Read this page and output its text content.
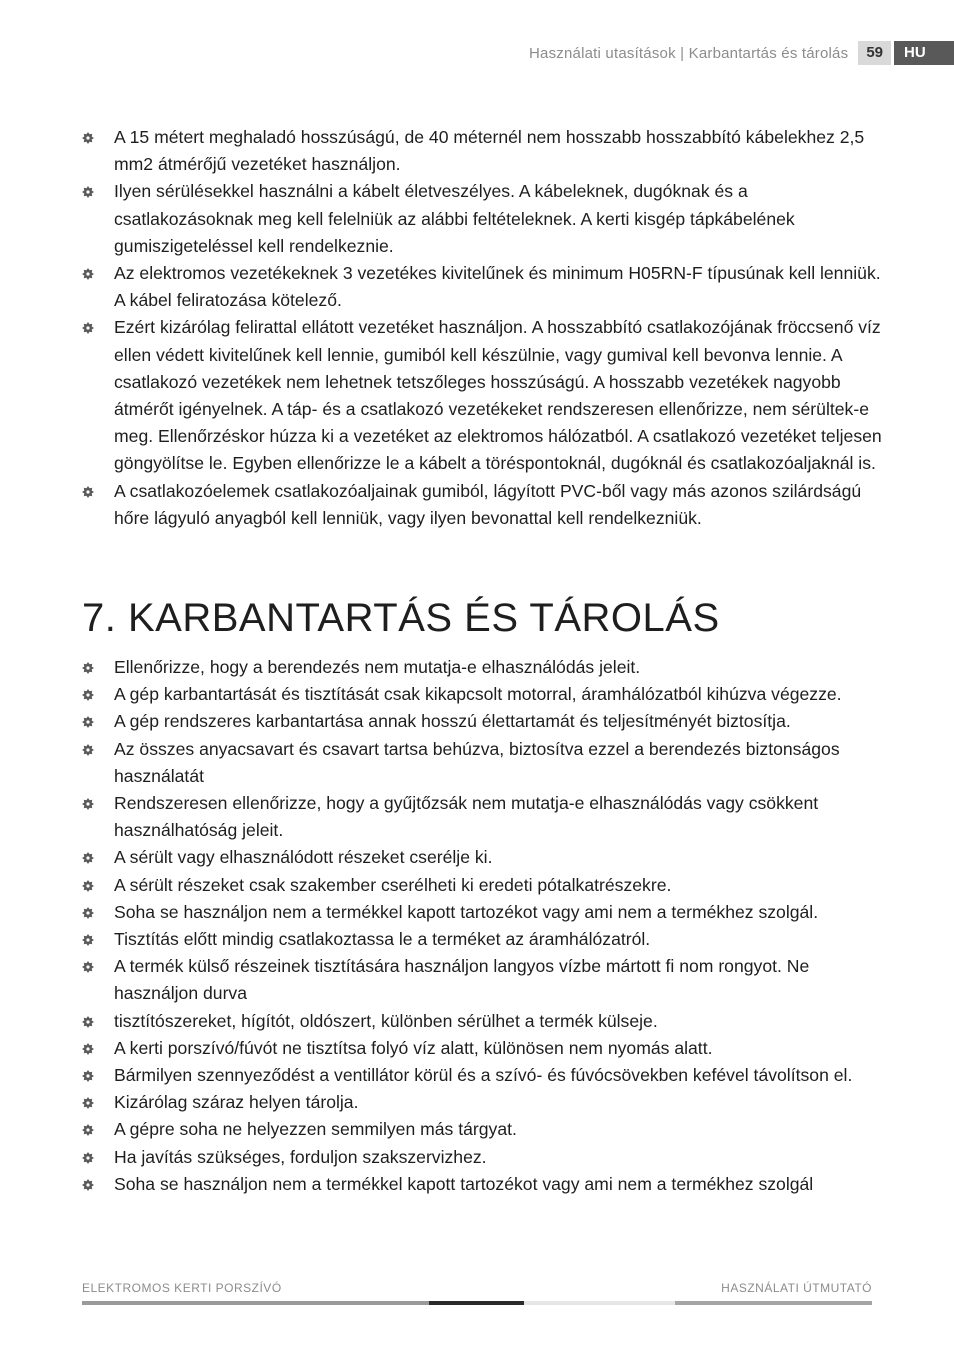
Használati utasítások | Karbantartás és tárolás	59	HU
A 15 métert meghaladó hosszúságú, de 40 méternél nem hosszabb hosszabbító kábelekhez 2,5 mm2 átmérőjű vezetéket használjon.
Ilyen sérülésekkel használni a kábelt életveszélyes. A kábeleknek, dugóknak és a csatlakozásoknak meg kell felelniük az alábbi feltételeknek. A kerti kisgép tápkábelének gumiszigeteléssel kell rendelkeznie.
Az elektromos vezetékeknek 3 vezetékes kivitelűnek és minimum H05RN-F típusúnak kell lenniük. A kábel feliratozása kötelező.
Ezért kizárólag felirattal ellátott vezetéket használjon. A hosszabbító csatlakozójának fröccsenő víz ellen védett kivitelűnek kell lennie, gumiból kell készülnie, vagy gumival kell bevonva lennie. A csatlakozó vezetékek nem lehetnek tetszőleges hosszúságú. A hosszabb vezetékek nagyobb átmérőt igényelnek. A táp- és a csatlakozó vezetékeket rendszeresen ellenőrizze, nem sérültek-e meg. Ellenőrzéskor húzza ki a vezetéket az elektromos hálózatból. A csatlakozó vezetéket teljesen göngyölítse le. Egyben ellenőrizze le a kábelt a töréspontoknál, dugóknál és csatlakozóaljaknál is.
A csatlakozóelemek csatlakozóaljainak gumiból, lágyított PVC-ből vagy más azonos szilárdságú hőre lágyuló anyagból kell lenniük, vagy ilyen bevonattal kell rendelkezniük.
7. KARBANTARTÁS ÉS TÁROLÁS
Ellenőrizze, hogy a berendezés nem mutatja-e elhasználódás jeleit.
A gép karbantartását és tisztítását csak kikapcsolt motorral, áramhálózatból kihúzva végezze.
A gép rendszeres karbantartása annak hosszú élettartamát és teljesítményét biztosítja.
Az összes anyacsavart és csavart tartsa behúzva, biztosítva ezzel a berendezés biztonságos használatát
Rendszeresen ellenőrizze, hogy a gyűjtőzsák nem mutatja-e elhasználódás vagy csökkent használhatóság jeleit.
A sérült vagy elhasználódott részeket cserélje ki.
A sérült részeket csak szakember cserélheti ki eredeti pótalkatrészekre.
Soha se használjon nem a termékkel kapott tartozékot vagy ami nem a termékhez szolgál.
Tisztítás előtt mindig csatlakoztassa le a terméket az áramhálózatról.
A termék külső részeinek tisztítására használjon langyos vízbe mártott fi nom rongyot. Ne használjon durva
tisztítószereket, hígítót, oldószert, különben sérülhet a termék külseje.
A kerti porszívó/fúvót ne tisztítsa folyó víz alatt, különösen nem nyomás alatt.
Bármilyen szennyeződést a ventillátor körül és a szívó- és fúvócsövekben kefével távolítson el.
Kizárólag száraz helyen tárolja.
A gépre soha ne helyezzen semmilyen más tárgyat.
Ha javítás szükséges, forduljon szakszervizhez.
Soha se használjon nem a termékkel kapott tartozékot vagy ami nem a termékhez szolgál
ELEKTROMOS KERTI PORSZÍVÓ	HASZNÁLATI ÚTMUTATÓ
